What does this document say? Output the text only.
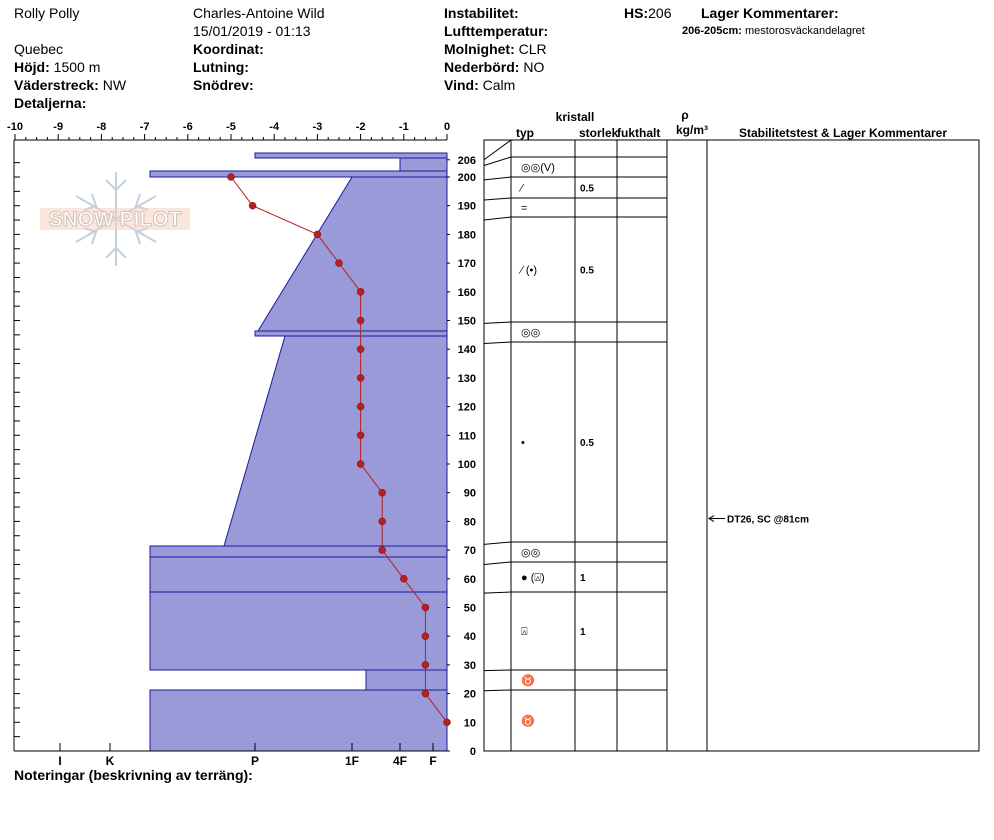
Rolly Polly
Quebec
Höjd: 1500 m
Väderstreck: NW
Detaljerna:
Charles-Antoine Wild
15/01/2019 - 01:13
Koordinat:
Lutning:
Snödrev:
Instabilitet:
Lufttemperatur:
Molnighet: CLR
Nederbörd: NO
Vind: Calm
HS:206 Lager Kommentarer:
206-205cm: mestorosväckandelagret
Noteringar (beskrivning av terräng):
SNOW PILOT
-10	-9	-8	-7	-6	-5	-4	-3	-2	-1	0
206
200
190
180
170
160
150
140
130
120
110
100
90
80
70
60
50
40
30
20
10
0
I	K	P	1F	4F F
kristall
typ	storlek
fukthalt
ρ
kg/m³	Stabilitetstest & Lager Kommentarer
◎◎(V)
⁄	0.5
=
⁄ (•)	0.5
◎◎
•	0.5
◎◎
● (⍓)	1
⍓	1
♉
♉
DT26, SC @81cm
